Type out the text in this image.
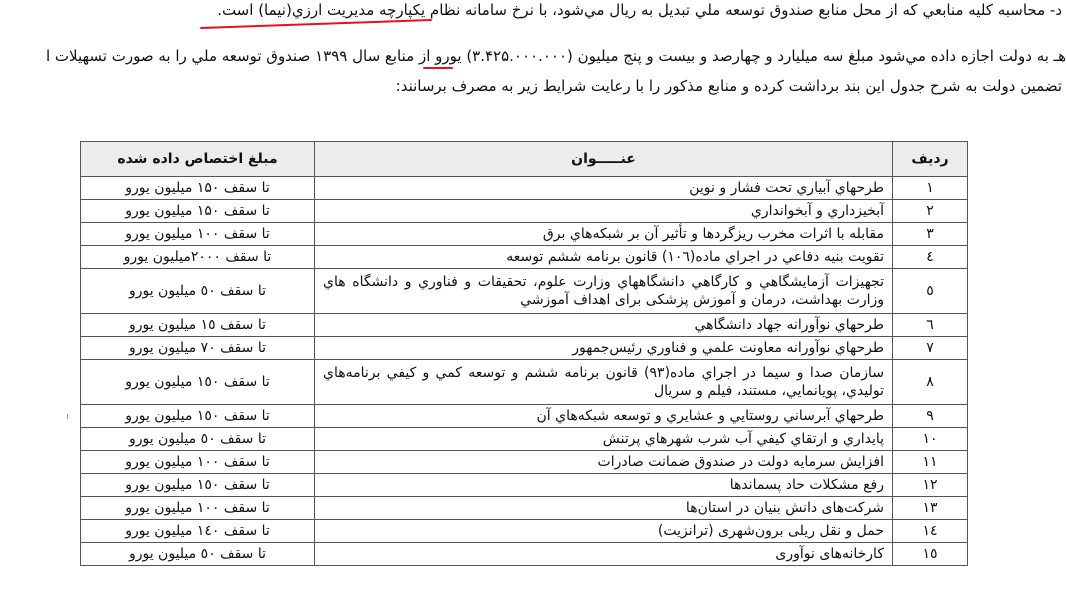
د- محاسبه کليه منابعي که از محل منابع صندوق توسعه ملي تبديل به ريال مي‌شود، با نرخ سامانه نظام يکپارچه مديريت ارزي(نيما) است.
هـ به دولت اجازه داده مي‌شود مبلغ سه ميليارد و چهارصد و بيست و پنج ميليون (۳.۴۲۵.۰۰۰.۰۰۰) يورو از منابع سال ۱۳۹۹ صندوق توسعه ملي را به صورت تسهيلات ا
تضمين دولت به شرح جدول اين بند برداشت کرده و منابع مذکور را با رعايت شرايط زير به مصرف برسانند:
رديف	عنـــــوان	مبلغ اختصاص داده شده
۱	طرحهاي آبياري تحت فشار و نوين	تا سقف ۱۵۰ ميليون يورو
۲	آبخيزداري و آبخوانداري	تا سقف ۱۵۰ ميليون يورو
۳	مقابله با اثرات مخرب ريزگردها و تأثير آن بر شبكه‌هاي برق	تا سقف ۱۰۰ ميليون يورو
٤	تقويت بنيه دفاعي در اجراي ماده(۱۰٦) قانون برنامه ششم توسعه	تا سقف ۲۰۰۰ميليون يورو
٥	تجهيزات آزمايشگاهي و كارگاهي دانشگاههاي وزارت علوم، تحقيقات و فناوري و دانشگاه هاي وزارت بهداشت، درمان و آموزش پزشکی برای اهداف آموزشي	تا سقف ٥۰ ميليون يورو
٦	طرحهاي نوآورانه جهاد دانشگاهي	تا سقف ۱٥ ميليون يورو
۷	طرحهاي نوآورانه معاونت علمي و فناوري رئيس‌جمهور	تا سقف ۷۰ ميليون يورو
۸	سازمان صدا و سيما در اجراي ماده(۹۳) قانون برنامه ششم و توسعه كمي و كيفي برنامه‌هاي توليدي، پويانمايي، مستند، فيلم و سريال	تا سقف ۱٥۰ ميليون يورو
۹	طرحهاي آبرساني روستايي و عشايري و توسعه شبكه‌هاي آن	تا سقف ۱٥۰ ميليون يورو
۱۰	پايداري و ارتقاي كيفي آب شرب شهرهاي پرتنش	تا سقف ٥۰ ميليون يورو
۱۱	افزايش سرمايه دولت در صندوق ضمانت صادرات	تا سقف ۱۰۰ ميليون يورو
۱۲	رفع مشكلات حاد پسماندها	تا سقف ۱٥۰ ميليون يورو
۱۳	شرکت‌های دانش بنيان در استان‌ها	تا سقف ۱۰۰ ميليون يورو
۱٤	حمل و نقل ريلی برون‌شهری (ترانزيت)	تا سقف ۱٤۰ ميليون يورو
۱٥	کارخانه‌های نوآوری	تا سقف ٥۰ ميليون يورو
